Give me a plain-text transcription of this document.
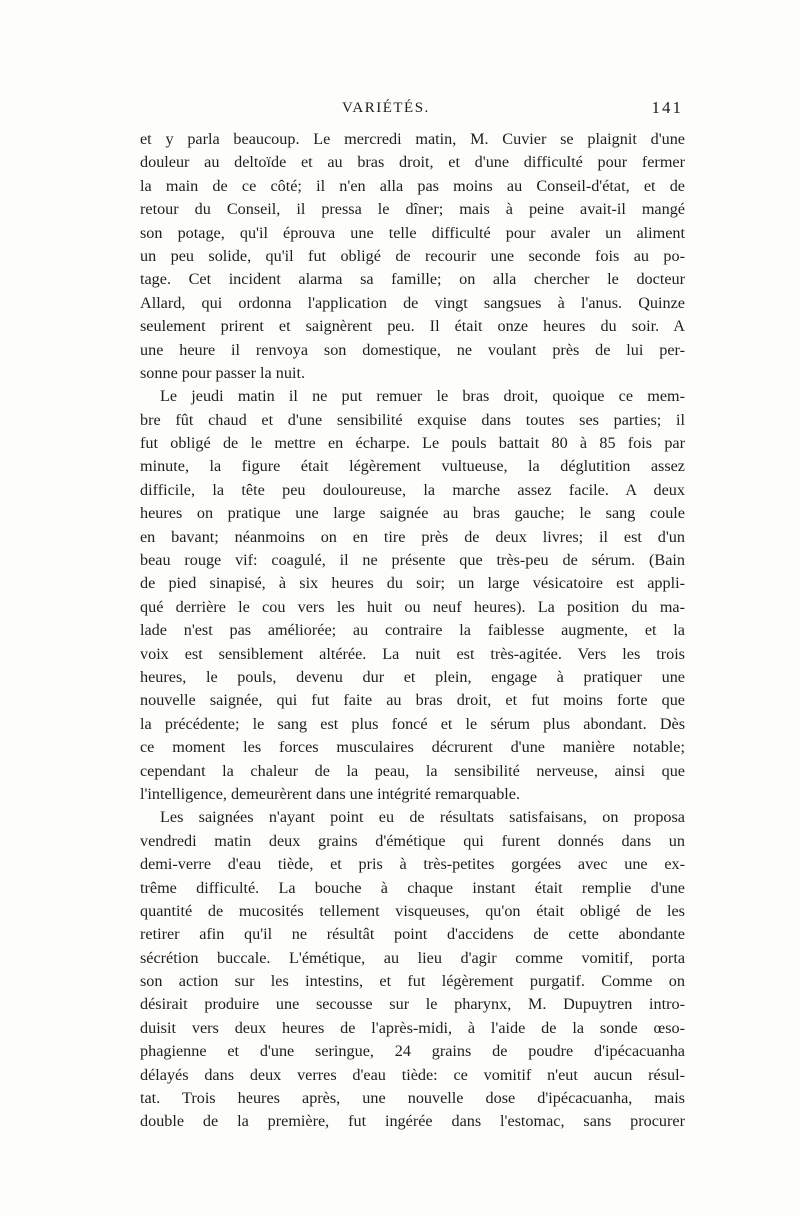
VARIÉTÉS.	141
et y parla beaucoup. Le mercredi matin, M. Cuvier se plaignit d'une
douleur au deltoïde et au bras droit, et d'une difficulté pour fermer
la main de ce côté; il n'en alla pas moins au Conseil-d'état, et de
retour du Conseil, il pressa le dîner; mais à peine avait-il mangé
son potage, qu'il éprouva une telle difficulté pour avaler un aliment
un peu solide, qu'il fut obligé de recourir une seconde fois au po-
tage. Cet incident alarma sa famille; on alla chercher le docteur
Allard, qui ordonna l'application de vingt sangsues à l'anus. Quinze
seulement prirent et saignèrent peu. Il était onze heures du soir. A
une heure il renvoya son domestique, ne voulant près de lui per-
sonne pour passer la nuit.
Le jeudi matin il ne put remuer le bras droit, quoique ce mem-
bre fût chaud et d'une sensibilité exquise dans toutes ses parties; il
fut obligé de le mettre en écharpe. Le pouls battait 80 à 85 fois par
minute, la figure était légèrement vultueuse, la déglutition assez
difficile, la tête peu douloureuse, la marche assez facile. A deux
heures on pratique une large saignée au bras gauche; le sang coule
en bavant; néanmoins on en tire près de deux livres; il est d'un
beau rouge vif: coagulé, il ne présente que très-peu de sérum. (Bain
de pied sinapisé, à six heures du soir; un large vésicatoire est appli-
qué derrière le cou vers les huit ou neuf heures). La position du ma-
lade n'est pas améliorée; au contraire la faiblesse augmente, et la
voix est sensiblement altérée. La nuit est très-agitée. Vers les trois
heures, le pouls, devenu dur et plein, engage à pratiquer une
nouvelle saignée, qui fut faite au bras droit, et fut moins forte que
la précédente; le sang est plus foncé et le sérum plus abondant. Dès
ce moment les forces musculaires décrurent d'une manière notable;
cependant la chaleur de la peau, la sensibilité nerveuse, ainsi que
l'intelligence, demeurèrent dans une intégrité remarquable.
Les saignées n'ayant point eu de résultats satisfaisans, on proposa
vendredi matin deux grains d'émétique qui furent donnés dans un
demi-verre d'eau tiède, et pris à très-petites gorgées avec une ex-
trême difficulté. La bouche à chaque instant était remplie d'une
quantité de mucosités tellement visqueuses, qu'on était obligé de les
retirer afin qu'il ne résultât point d'accidens de cette abondante
sécrétion buccale. L'émétique, au lieu d'agir comme vomitif, porta
son action sur les intestins, et fut légèrement purgatif. Comme on
désirait produire une secousse sur le pharynx, M. Dupuytren intro-
duisit vers deux heures de l'après-midi, à l'aide de la sonde œso-
phagienne et d'une seringue, 24 grains de poudre d'ipécacuanha
délayés dans deux verres d'eau tiède: ce vomitif n'eut aucun résul-
tat. Trois heures après, une nouvelle dose d'ipécacuanha, mais
double de la première, fut ingérée dans l'estomac, sans procurer
